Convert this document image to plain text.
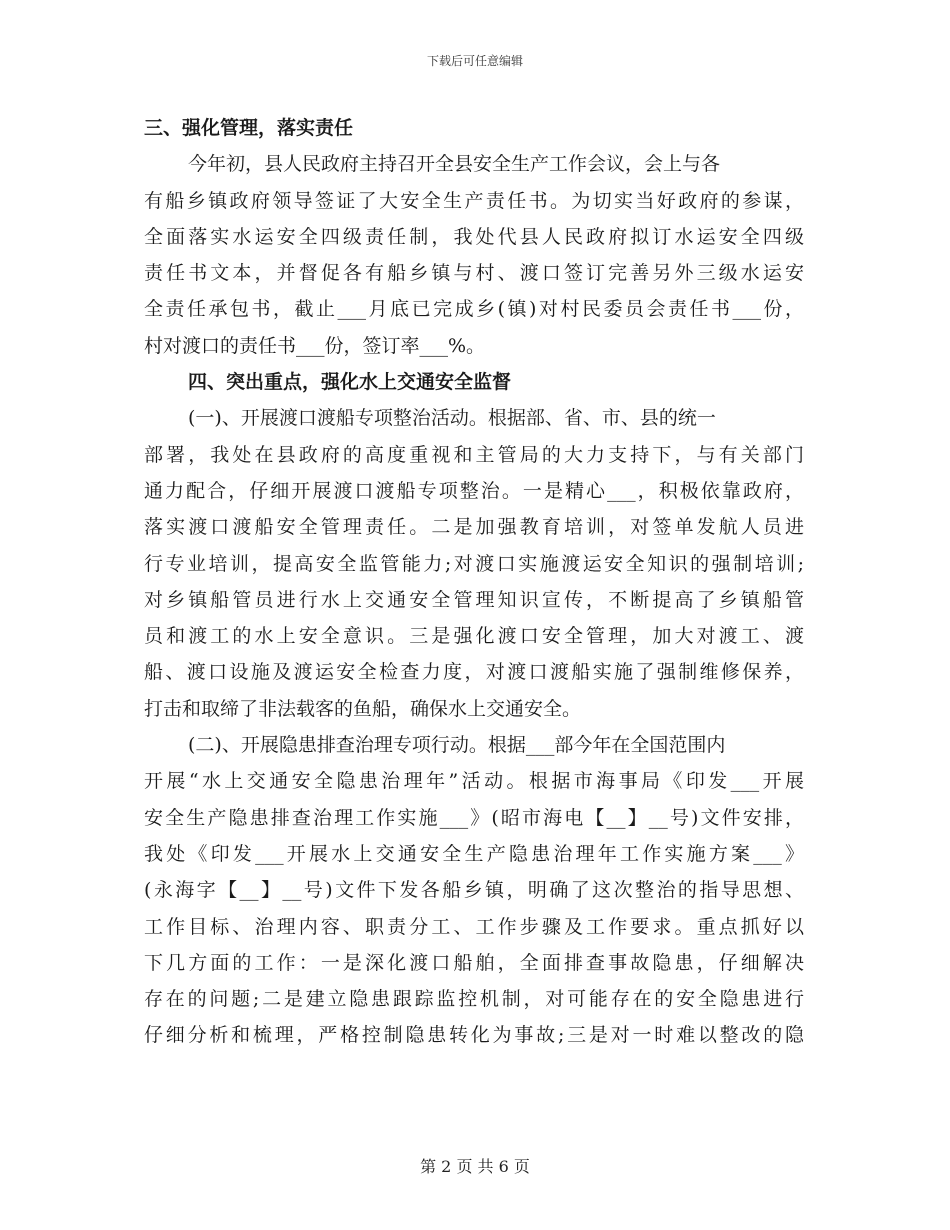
下载后可任意编辑
三、强化管理，落实责任
今年初，县人民政府主持召开全县安全生产工作会议，会上与各
有船乡镇政府领导签证了大安全生产责任书。为切实当好政府的参谋，
全面落实水运安全四级责任制，我处代县人民政府拟订水运安全四级
责任书文本，并督促各有船乡镇与村、渡口签订完善另外三级水运安
全责任承包书，截止___月底已完成乡(镇)对村民委员会责任书___份，
村对渡口的责任书___份，签订率___%。
四、突出重点，强化水上交通安全监督
(一)、开展渡口渡船专项整治活动。根据部、省、市、县的统一
部署，我处在县政府的高度重视和主管局的大力支持下，与有关部门
通力配合，仔细开展渡口渡船专项整治。一是精心___，积极依靠政府，
落实渡口渡船安全管理责任。二是加强教育培训，对签单发航人员进
行专业培训，提高安全监管能力;对渡口实施渡运安全知识的强制培训;
对乡镇船管员进行水上交通安全管理知识宣传，不断提高了乡镇船管
员和渡工的水上安全意识。三是强化渡口安全管理，加大对渡工、渡
船、渡口设施及渡运安全检查力度，对渡口渡船实施了强制维修保养，
打击和取缔了非法载客的鱼船，确保水上交通安全。
(二)、开展隐患排查治理专项行动。根据___部今年在全国范围内
开展“水上交通安全隐患治理年”活动。根据市海事局《印发___开展
安全生产隐患排查治理工作实施___》(昭市海电【__】__号)文件安排，
我处《印发___开展水上交通安全生产隐患治理年工作实施方案___》
(永海字【__】__号)文件下发各船乡镇，明确了这次整治的指导思想、
工作目标、治理内容、职责分工、工作步骤及工作要求。重点抓好以
下几方面的工作：一是深化渡口船舶，全面排查事故隐患，仔细解决
存在的问题;二是建立隐患跟踪监控机制，对可能存在的安全隐患进行
仔细分析和梳理，严格控制隐患转化为事故;三是对一时难以整改的隐
第 2 页 共 6 页
